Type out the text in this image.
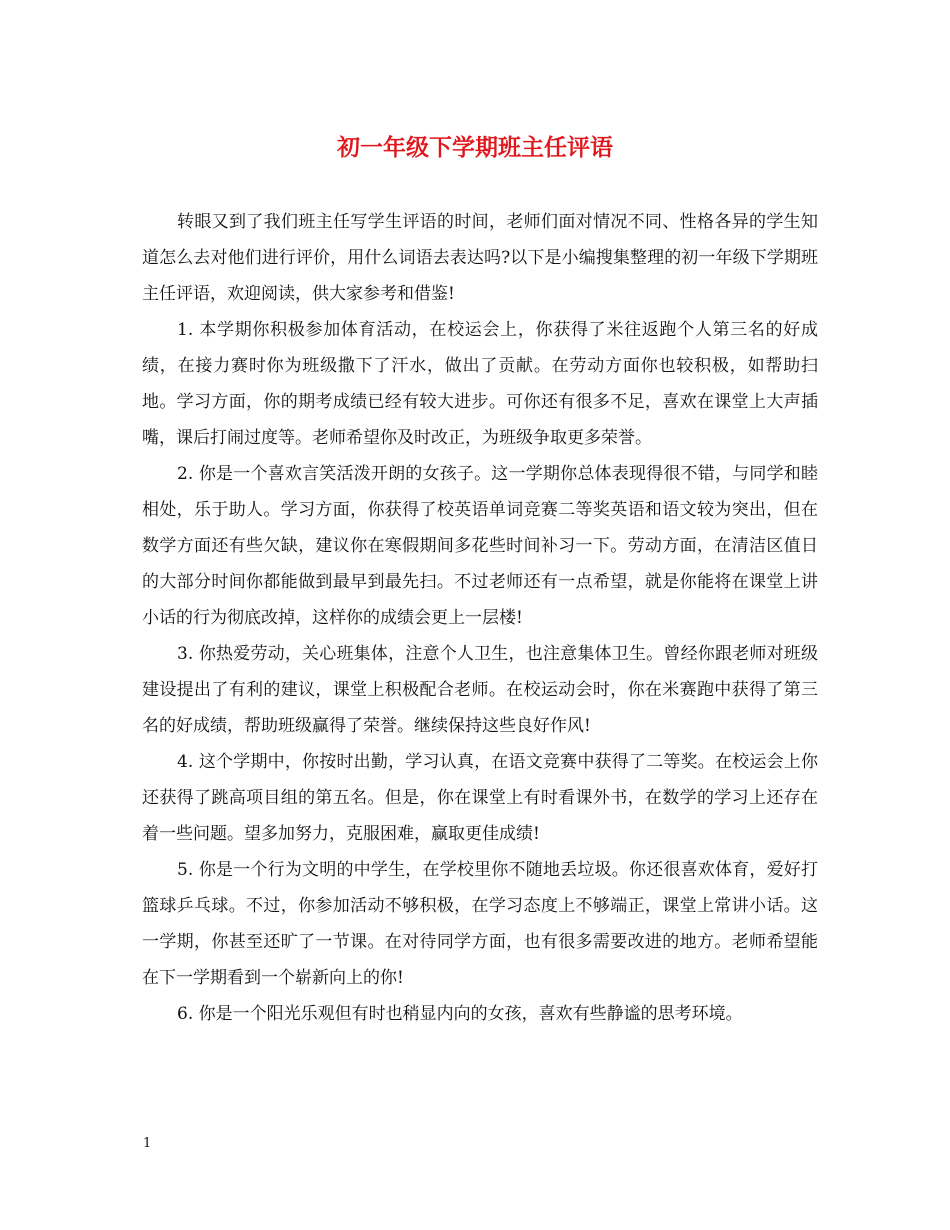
初一年级下学期班主任评语

转眼又到了我们班主任写学生评语的时间，老师们面对情况不同、性格各异的学生知道怎么去对他们进行评价，用什么词语去表达吗?以下是小编搜集整理的初一年级下学期班主任评语，欢迎阅读，供大家参考和借鉴!

1. 本学期你积极参加体育活动，在校运会上，你获得了米往返跑个人第三名的好成绩，在接力赛时你为班级撒下了汗水，做出了贡献。在劳动方面你也较积极，如帮助扫地。学习方面，你的期考成绩已经有较大进步。可你还有很多不足，喜欢在课堂上大声插嘴，课后打闹过度等。老师希望你及时改正，为班级争取更多荣誉。

2. 你是一个喜欢言笑活泼开朗的女孩子。这一学期你总体表现得很不错，与同学和睦相处，乐于助人。学习方面，你获得了校英语单词竞赛二等奖英语和语文较为突出，但在数学方面还有些欠缺，建议你在寒假期间多花些时间补习一下。劳动方面，在清洁区值日的大部分时间你都能做到最早到最先扫。不过老师还有一点希望，就是你能将在课堂上讲小话的行为彻底改掉，这样你的成绩会更上一层楼!

3. 你热爱劳动，关心班集体，注意个人卫生，也注意集体卫生。曾经你跟老师对班级建设提出了有利的建议，课堂上积极配合老师。在校运动会时，你在米赛跑中获得了第三名的好成绩，帮助班级赢得了荣誉。继续保持这些良好作风!

4. 这个学期中，你按时出勤，学习认真，在语文竞赛中获得了二等奖。在校运会上你还获得了跳高项目组的第五名。但是，你在课堂上有时看课外书，在数学的学习上还存在着一些问题。望多加努力，克服困难，赢取更佳成绩!

5. 你是一个行为文明的中学生，在学校里你不随地丢垃圾。你还很喜欢体育，爱好打篮球乒乓球。不过，你参加活动不够积极，在学习态度上不够端正，课堂上常讲小话。这一学期，你甚至还旷了一节课。在对待同学方面，也有很多需要改进的地方。老师希望能在下一学期看到一个崭新向上的你!

6. 你是一个阳光乐观但有时也稍显内向的女孩，喜欢有些静谧的思考环境。

1
